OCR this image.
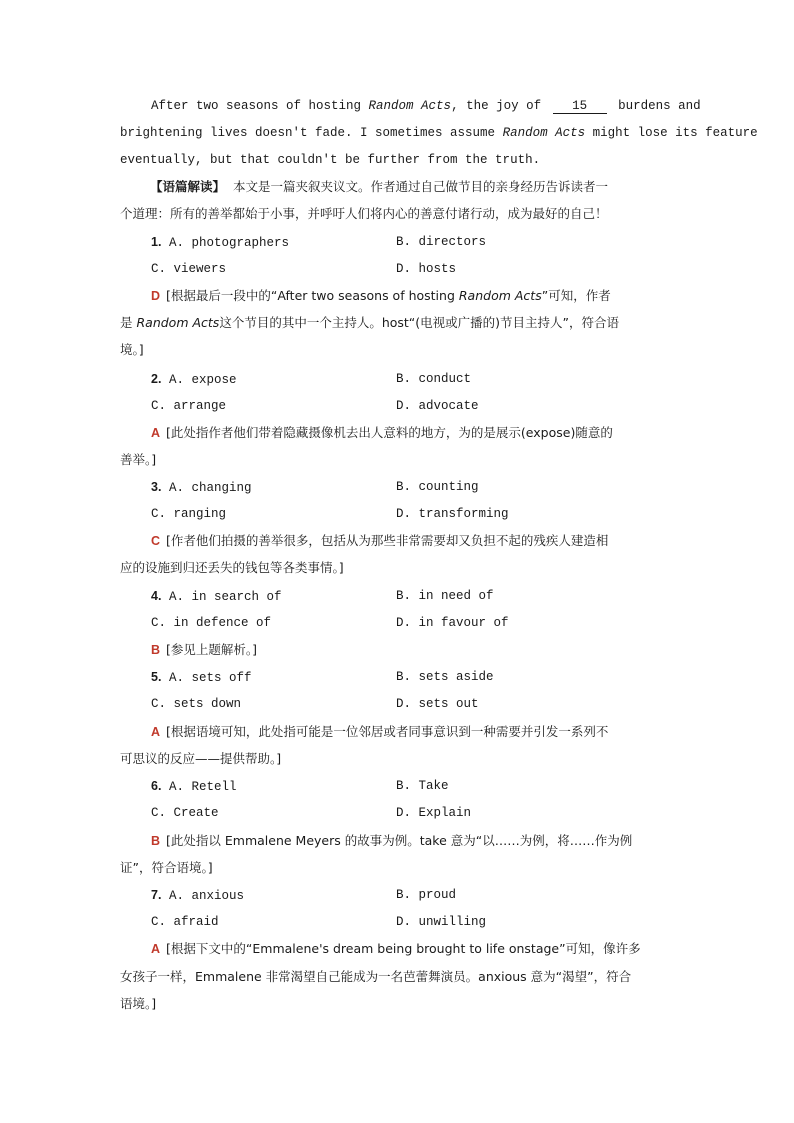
After two seasons of hosting Random Acts, the joy of 15 burdens and
brightening lives doesn't fade. I sometimes assume Random Acts might lose its feature
eventually, but that couldn't be further from the truth.
【语篇解读】 本文是一篇夹叙夹议文。作者通过自己做节目的亲身经历告诉读者一
个道理：所有的善举都始于小事，并呼吁人们将内心的善意付诸行动，成为最好的自己！
1. A. photographers	B. directors
C. viewers	D. hosts
D [根据最后一段中的“After two seasons of hosting Random Acts”可知，作者
是 Random Acts这个节目的其中一个主持人。host“(电视或广播的)节目主持人”，符合语
境。]
2. A. expose	B. conduct
C. arrange	D. advocate
A [此处指作者他们带着隐藏摄像机去出人意料的地方，为的是展示(expose)随意的
善举。]
3. A. changing	B. counting
C. ranging	D. transforming
C [作者他们拍摄的善举很多，包括从为那些非常需要却又负担不起的残疾人建造相
应的设施到归还丢失的钱包等各类事情。]
4. A. in search of	B. in need of
C. in defence of	D. in favour of
B [参见上题解析。]
5. A. sets off	B. sets aside
C. sets down	D. sets out
A [根据语境可知，此处指可能是一位邻居或者同事意识到一种需要并引发一系列不
可思议的反应——提供帮助。]
6. A. Retell	B. Take
C. Create	D. Explain
B [此处指以 Emmalene Meyers 的故事为例。take 意为“以……为例，将……作为例
证”，符合语境。]
7. A. anxious	B. proud
C. afraid	D. unwilling
A [根据下文中的“Emmalene's dream being brought to life onstage”可知，像许多
女孩子一样，Emmalene 非常渴望自己能成为一名芭蕾舞演员。anxious 意为“渴望”，符合
语境。]
